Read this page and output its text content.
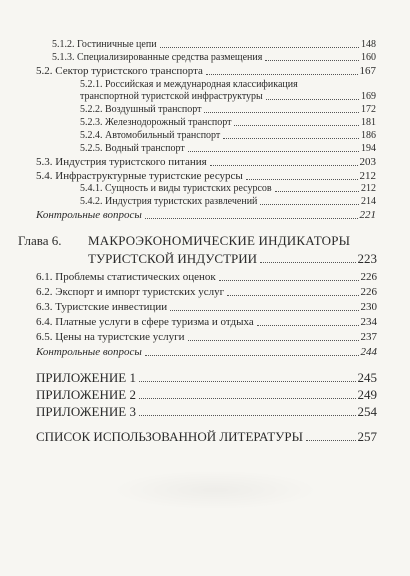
5.1.2. Гостиничные цепи	148
5.1.3. Специализированные средства размещения	160
5.2. Сектор туристского транспорта	167
5.2.1. Российская и международная классификация
транспортной туристской инфраструктуры	169
5.2.2. Воздушный транспорт	172
5.2.3. Железнодорожный транспорт	181
5.2.4. Автомобильный транспорт	186
5.2.5. Водный транспорт	194
5.3. Индустрия туристского питания	203
5.4. Инфраструктурные туристские ресурсы	212
5.4.1. Сущность и виды туристских ресурсов	212
5.4.2. Индустрия туристских развлечений	214
Контрольные вопросы	221
Глава 6. МАКРОЭКОНОМИЧЕСКИЕ ИНДИКАТОРЫ
ТУРИСТСКОЙ ИНДУСТРИИ	223
6.1. Проблемы статистических оценок	226
6.2. Экспорт и импорт туристских услуг	226
6.3. Туристские инвестиции	230
6.4. Платные услуги в сфере туризма и отдыха	234
6.5. Цены на туристские услуги	237
Контрольные вопросы	244
ПРИЛОЖЕНИЕ 1	245
ПРИЛОЖЕНИЕ 2	249
ПРИЛОЖЕНИЕ 3	254
СПИСОК ИСПОЛЬЗОВАННОЙ ЛИТЕРАТУРЫ	257
